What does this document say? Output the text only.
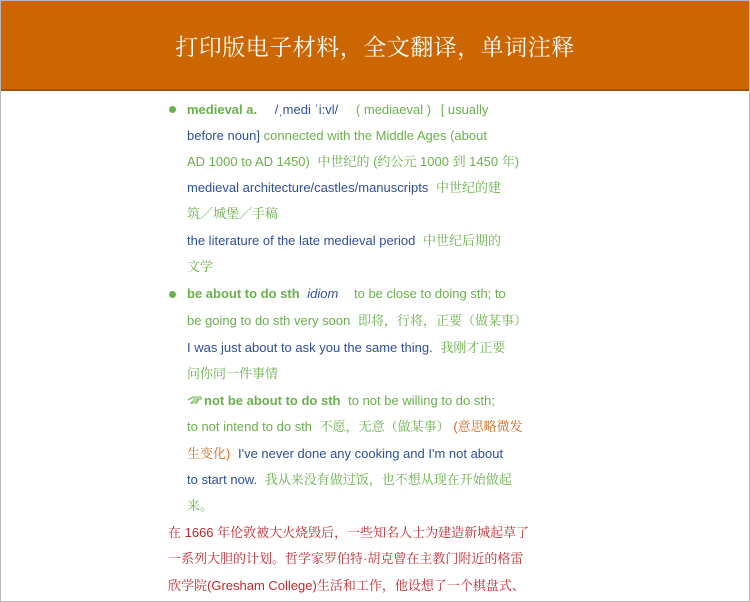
打印版电子材料，全文翻译，单词注释
medieval a. /ˌmedi ˈi:vl/ ( mediaeval ) [ usually
before noun] connected with the Middle Ages (about
AD 1000 to AD 1450) 中世纪的 (约公元 1000 到 1450 年)
medieval architecture/castles/manuscripts 中世纪的建
筑／城堡／手稿
the literature of the late medieval period 中世纪后期的
文学
be about to do sth idiom to be close to doing sth; to
be going to do sth very soon 即将，行将，正要（做某事）
I was just about to ask you the same thing. 我刚才正要
问你同一件事情
not be about to do sth to not be willing to do sth;
to not intend to do sth 不愿，无意（做某事） (意思略微发
生变化) I've never done any cooking and I'm not about
to start now. 我从来没有做过饭，也不想从现在开始做起
来。
在 1666 年伦敦被大火烧毁后，一些知名人士为建造新城起草了
一系列大胆的计划。哲学家罗伯特·胡克曾在主教门附近的格雷
欣学院(Gresham College)生活和工作，他设想了一个棋盘式、
